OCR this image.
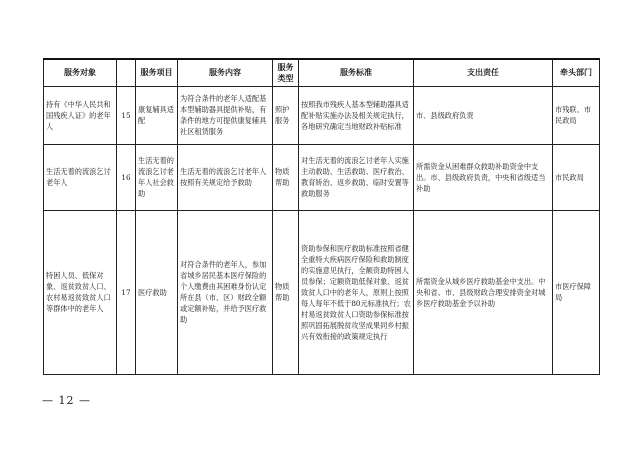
服务对象		服务项目	服务内容	服务类型	服务标准	支出责任	牵头部门
持有《中华人民共和国残疾人证》的老年人	15	康复辅具适配	为符合条件的老年人适配基本型辅助器具提供补贴，有条件的地方可提供康复辅具社区租赁服务	照护服务	按照我市残疾人基本型辅助器具适配补贴实施办法及相关规定执行，各地研究确定当地财政补贴标准	市、县级政府负责	市残联、市民政局
生活无着的流浪乞讨老年人	16	生活无着的流浪乞讨老年人社会救助	生活无着的流浪乞讨老年人按照有关规定给予救助	物质帮助	对生活无着的流浪乞讨老年人实施主动救助、生活救助、医疗救治、教育矫治、返乡救助、临时安置等救助服务	所需资金从困难群众救助补助资金中支出。市、县级政府负责，中央和省级适当补助	市民政局
特困人员、低保对象、返贫致贫人口、农村易返贫致贫人口等群体中的老年人	17	医疗救助	对符合条件的老年人，参加省城乡居民基本医疗保险的个人缴费由其困难身份认定所在县（市、区）财政全额或定额补贴，并给予医疗救助	物质帮助	资助参保和医疗救助标准按照省健全重特大疾病医疗保险和救助制度的实施意见执行，全额资助特困人员参保；定额资助低保对象、返贫致贫人口中的老年人，原则上按照每人每年不低于80元标准执行；农村易返贫致贫人口资助参保标准按照巩固拓展脱贫攻坚成果同乡村振兴有效衔接的政策规定执行	所需资金从城乡医疗救助基金中支出。中央和省、市、县级财政合理安排资金对城乡医疗救助基金予以补助	市医疗保障局
— 12 —
